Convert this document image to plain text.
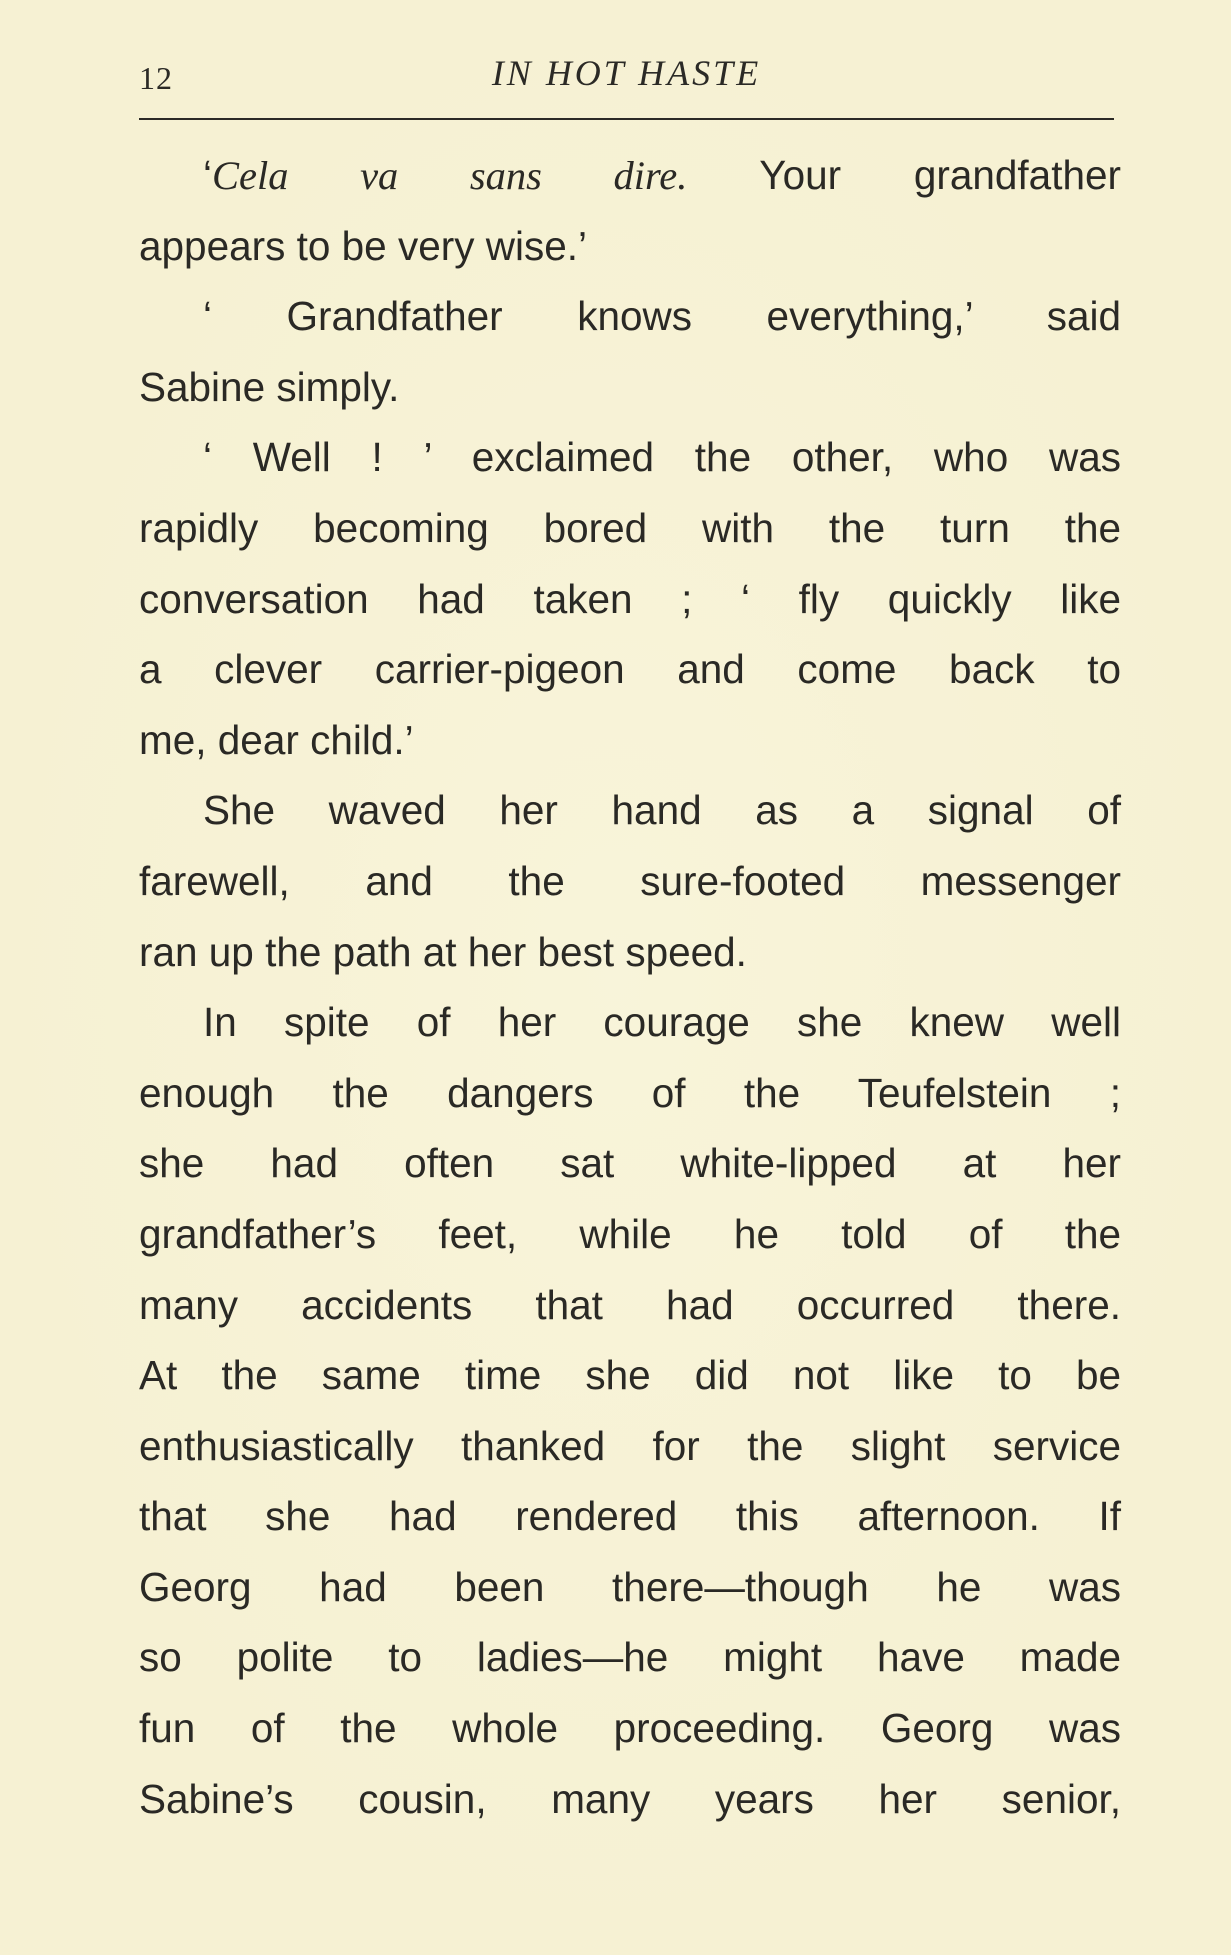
12	IN HOT HASTE
‘Cela va sans dire. Your grandfather
appears to be very wise.’
‘ Grandfather knows everything,’ said
Sabine simply.
‘ Well ! ’ exclaimed the other, who was
rapidly becoming bored with the turn the
conversation had taken ; ‘ fly quickly like
a clever carrier-pigeon and come back to
me, dear child.’
She waved her hand as a signal of
farewell, and the sure-footed messenger
ran up the path at her best speed.
In spite of her courage she knew well
enough the dangers of the Teufelstein ;
she had often sat white-lipped at her
grandfather’s feet, while he told of the
many accidents that had occurred there.
At the same time she did not like to be
enthusiastically thanked for the slight service
that she had rendered this afternoon. If
Georg had been there—though he was
so polite to ladies—he might have made
fun of the whole proceeding. Georg was
Sabine’s cousin, many years her senior,
